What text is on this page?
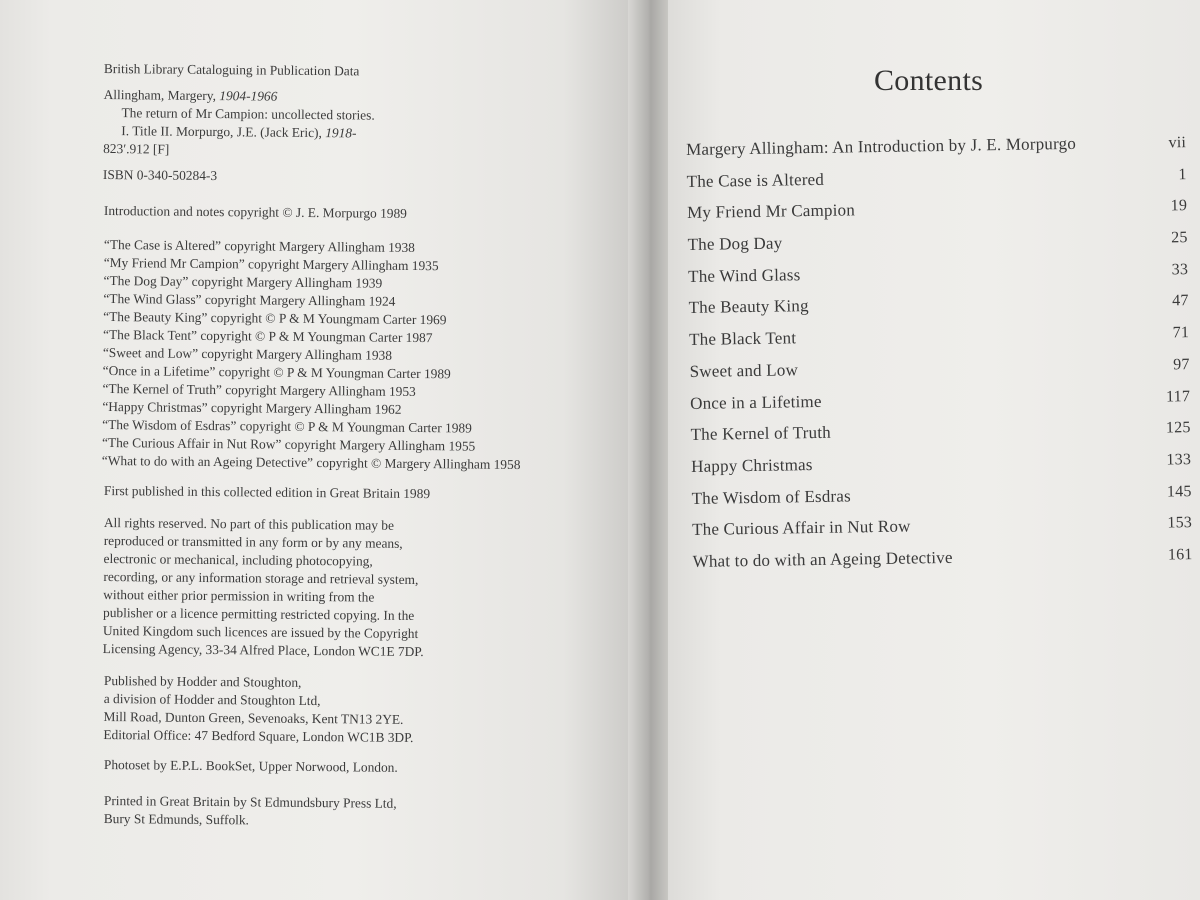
British Library Cataloguing in Publication Data
Allingham, Margery, 1904-1966
The return of Mr Campion: uncollected stories.
I. Title II. Morpurgo, J.E. (Jack Eric), 1918-
823′.912 [F]
ISBN 0-340-50284-3
Introduction and notes copyright © J. E. Morpurgo 1989
“The Case is Altered” copyright Margery Allingham 1938
“My Friend Mr Campion” copyright Margery Allingham 1935
“The Dog Day” copyright Margery Allingham 1939
“The Wind Glass” copyright Margery Allingham 1924
“The Beauty King” copyright © P & M Youngmam Carter 1969
“The Black Tent” copyright © P & M Youngman Carter 1987
“Sweet and Low” copyright Margery Allingham 1938
“Once in a Lifetime” copyright © P & M Youngman Carter 1989
“The Kernel of Truth” copyright Margery Allingham 1953
“Happy Christmas” copyright Margery Allingham 1962
“The Wisdom of Esdras” copyright © P & M Youngman Carter 1989
“The Curious Affair in Nut Row” copyright Margery Allingham 1955
“What to do with an Ageing Detective” copyright © Margery Allingham 1958
First published in this collected edition in Great Britain 1989
All rights reserved. No part of this publication may be
reproduced or transmitted in any form or by any means,
electronic or mechanical, including photocopying,
recording, or any information storage and retrieval system,
without either prior permission in writing from the
publisher or a licence permitting restricted copying. In the
United Kingdom such licences are issued by the Copyright
Licensing Agency, 33-34 Alfred Place, London WC1E 7DP.
Published by Hodder and Stoughton,
a division of Hodder and Stoughton Ltd,
Mill Road, Dunton Green, Sevenoaks, Kent TN13 2YE.
Editorial Office: 47 Bedford Square, London WC1B 3DP.
Photoset by E.P.L. BookSet, Upper Norwood, London.
Printed in Great Britain by St Edmundsbury Press Ltd,
Bury St Edmunds, Suffolk.
Contents
Margery Allingham: An Introduction by J. E. Morpurgo	vii
The Case is Altered	1
My Friend Mr Campion	19
The Dog Day	25
The Wind Glass	33
The Beauty King	47
The Black Tent	71
Sweet and Low	97
Once in a Lifetime	117
The Kernel of Truth	125
Happy Christmas	133
The Wisdom of Esdras	145
The Curious Affair in Nut Row	153
What to do with an Ageing Detective	161
